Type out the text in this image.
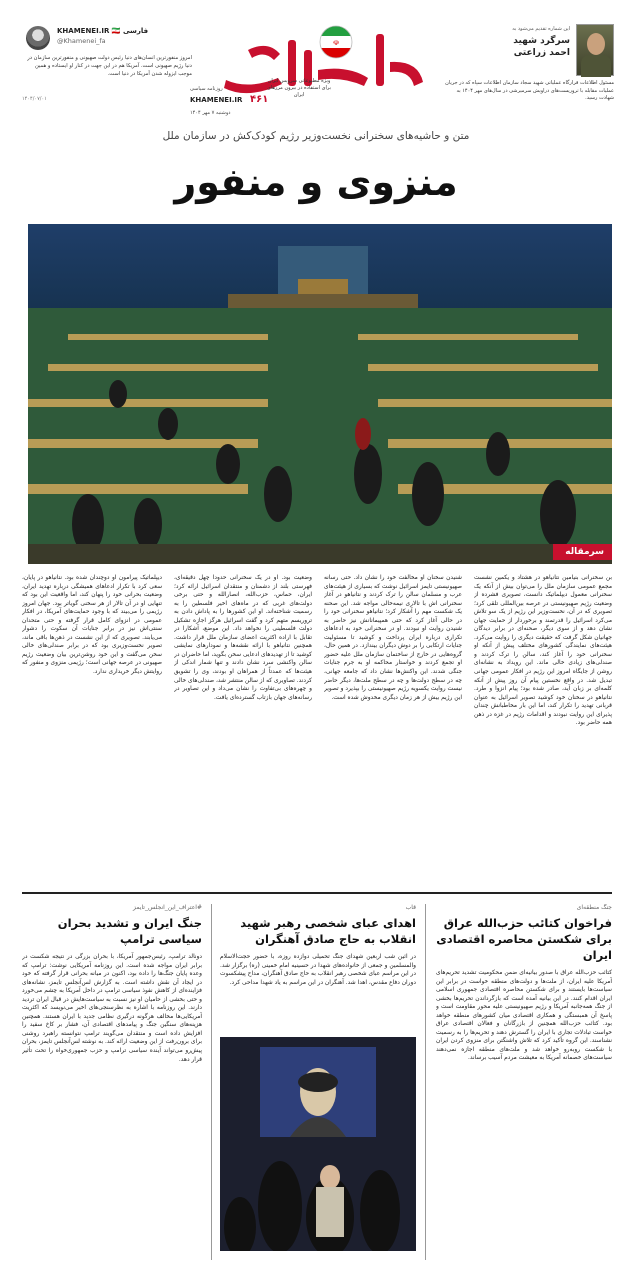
KHAMENEI.IR 🇮🇷 فارسی
@Khamenei_fa
امروز منفورترین انسان‌های دنیا رئیس دولت صهیونی و منفورترین سازمان در دنیا رژیم صهیونی است. آمریکا هم در این جهت در کنار او ایستاده و همین موجب ایزوله شدن آمریکا در دنیا است.
۱۴۰۴/۰۷/۰۱
☫
۴۶۱
KHAMENEI.IR
دوشنبه ۷ مهر ۱۴۰۴
ویژه مطبوعاتی سرویس ایران برای استفاده در بیرون مرزهای ایران
روزنامه سیاسی
این شماره تقدیم می‌شود به
سرگرد شهید
احمد زراعتی
مسئول اطلاعات قرارگاه عملیاتی شهید سجاد سازمان اطلاعات سپاه که در جریان عملیات مقابله با تروریست‌های دراویش سرمیرشی در سال‌های مهر ۱۴۰۴ به شهادت رسید.
متن و حاشیه‌های سخنرانی نخست‌وزیر رژیم کودک‌کش در سازمان ملل
منزوی و منفور
سرمقاله
بن سخنرانی بنیامین نتانیاهو در هشتاد و یکمین نشست مجمع عمومی سازمان ملل را می‌توان بیش از آنکه یک سخنرانی معمول دیپلماتیک دانست، تصویری فشرده از وضعیت رژیم صهیونیستی در عرصه بین‌المللی تلقی کرد؛ تصویری که در آن، نخست‌وزیر این رژیم از یک سو تلاش می‌کرد اسرائیل را قدرتمند و برخوردار از حمایت جهان نشان دهد و از سوی دیگر، صحنه‌ای در برابر دیدگان جهانیان شکل گرفت که حقیقت دیگری را روایت می‌کرد. هیئت‌های نمایندگی کشورهای مختلف پیش از آنکه او سخنرانی خود را آغاز کند، سالن را ترک کردند و صندلی‌های زیادی خالی ماند. این رویداد به نشانه‌ای روشن از جایگاه امروز این رژیم در افکار عمومی جهانی تبدیل شد. در واقع نخستین پیام آن روز پیش از آنکه کلمه‌ای بر زبان آید، صادر شده بود؛ پیام انزوا و طرد. نتانیاهو در سخنان خود کوشید تصویر اسرائیل به عنوان قربانی تهدید را تکرار کند، اما این بار مخاطبانش چندان پذیرای این روایت نبودند و اقدامات رژیم در غزه در ذهن همه حاضر بود.
شنیدن سخنان او مخالفت خود را نشان داد. حتی رسانه صهیونیستی تایمز اسرائیل نوشت که بسیاری از هیئت‌های عرب و مسلمان سالن را ترک کردند و نتانیاهو در آغاز سخنرانی اش با تالاری نیمه‌خالی مواجه شد. این صحنه یک شکست مهم را آشکار کرد؛ نتانیاهو سخنرانی خود را در حالی آغاز کرد که حتی همپیمانانش نیز حاضر به شنیدن روایت او نبودند. او در سخنرانی خود به ادعاهای تکراری درباره ایران پرداخت و کوشید تا مسئولیت جنایات ارتکابی را بر دوش دیگران بیندازد. در همین حال، گروه‌هایی در خارج از ساختمان سازمان ملل علیه حضور او تجمع کردند و خواستار محاکمه او به جرم جنایات جنگی شدند. این واکنش‌ها نشان داد که جامعه جهانی، چه در سطح دولت‌ها و چه در سطح ملت‌ها، دیگر حاضر نیست روایت یکسویه رژیم صهیونیستی را بپذیرد و تصویر این رژیم بیش از هر زمان دیگری مخدوش شده است.
وضعیت بود. او در یک سخنرانی حدوداً چهل دقیقه‌ای، فهرستی بلند از دشمنان و منتقدان اسرائیل ارائه کرد؛ ایران، حماس، حزب‌الله، انصارالله و حتی برخی دولت‌های غربی که در ماه‌های اخیر فلسطین را به رسمیت شناخته‌اند. او این کشورها را به پاداش دادن به تروریسم متهم کرد و گفت اسرائیل هرگز اجازه تشکیل دولت فلسطینی را نخواهد داد. این موضع، آشکارا در تقابل با اراده اکثریت اعضای سازمان ملل قرار داشت. همچنین نتانیاهو با ارائه نقشه‌ها و نمودارهای نمایشی کوشید تا از تهدیدهای ادعایی سخن بگوید، اما حاضران در سالن واکنشی سرد نشان دادند و تنها شمار اندکی از هیئت‌ها که عمدتاً از همراهان او بودند، وی را تشویق کردند. تصاویری که از سالن منتشر شد، صندلی‌های خالی و چهره‌های بی‌تفاوت را نشان می‌داد و این تصاویر در رسانه‌های جهان بازتاب گسترده‌ای یافت.
دیپلماتیک پیرامون او دوچندان شده بود. نتانیاهو در پایان، سعی کرد با تکرار ادعاهای همیشگی درباره تهدید ایران، وضعیت بحرانی خود را پنهان کند، اما واقعیت این بود که تنهایی او در آن تالار از هر سخنی گویاتر بود. جهان امروز رژیمی را می‌بیند که با وجود حمایت‌های آمریکا، در افکار عمومی در انزوای کامل قرار گرفته و حتی متحدان سنتی‌اش نیز در برابر جنایات آن سکوت را دشوار می‌یابند. تصویری که از این نشست در ذهن‌ها باقی ماند، تصویر نخست‌وزیری بود که در برابر صندلی‌های خالی سخن می‌گفت و این خود روشن‌ترین بیان وضعیت رژیم صهیونی در عرصه جهانی است؛ رژیمی منزوی و منفور که روایتش دیگر خریداری ندارد.
جنگ منطقه‌ای
فراخوان کتائب حزب‌الله عراق برای شکستن محاصره اقتصادی ایران
کتائب حزب‌الله عراق با صدور بیانیه‌ای ضمن محکومیت تشدید تحریم‌های آمریکا علیه ایران، از ملت‌ها و دولت‌های منطقه خواست در برابر این سیاست‌ها بایستند و برای شکستن محاصره اقتصادی جمهوری اسلامی ایران اقدام کنند. در این بیانیه آمده است که بازگرداندن تحریم‌ها بخشی از جنگ همه‌جانبه آمریکا و رژیم صهیونیستی علیه محور مقاومت است و پاسخ آن همبستگی و همکاری اقتصادی میان کشورهای منطقه خواهد بود. کتائب حزب‌الله همچنین از بازرگانان و فعالان اقتصادی عراق خواست تبادلات تجاری با ایران را گسترش دهند و تحریم‌ها را به رسمیت نشناسند. این گروه تأکید کرد که تلاش واشنگتن برای منزوی کردن ایران با شکست روبه‌رو خواهد شد و ملت‌های منطقه اجازه نمی‌دهند سیاست‌های خصمانه آمریکا به معیشت مردم آسیب برساند.
قاب
اهدای عبای شخصی رهبر شهید انقلاب به حاج صادق آهنگران
در آئین شب اربعین شهدای جنگ تحمیلی دوازده روزه، با حضور حجت‌الاسلام والمسلمین و جمعی از خانواده‌های شهدا در حسینیه امام خمینی (ره) برگزار شد. در این مراسم عبای شخصی رهبر انقلاب به حاج صادق آهنگران، مداح پیشکسوت دوران دفاع مقدس، اهدا شد. آهنگران در این مراسم به یاد شهدا مداحی کرد.
#اعتراف_این_انجلس_تایمز
جنگ ایران و تشدید بحران سیاسی ترامپ
دونالد ترامپ، رئیس‌جمهور آمریکا، با بحران بزرگی در نتیجه شکست در برابر ایران مواجه شده است. این روزنامه آمریکایی نوشت: ترامپ که وعده پایان جنگ‌ها را داده بود، اکنون در میانه بحرانی قرار گرفته که خود در ایجاد آن نقش داشته است. به گزارش لس‌آنجلس تایمز، نشانه‌های فزاینده‌ای از کاهش نفوذ سیاسی ترامپ در داخل آمریکا به چشم می‌خورد و حتی بخشی از حامیان او نیز نسبت به سیاست‌هایش در قبال ایران تردید دارند. این روزنامه با اشاره به نظرسنجی‌های اخیر می‌نویسد که اکثریت آمریکایی‌ها مخالف هرگونه درگیری نظامی جدید با ایران هستند. همچنین هزینه‌های سنگین جنگ و پیامدهای اقتصادی آن، فشار بر کاخ سفید را افزایش داده است و منتقدان می‌گویند ترامپ نتوانسته راهبرد روشنی برای برون‌رفت از این وضعیت ارائه کند. به نوشته لس‌آنجلس تایمز، بحران پیش‌رو می‌تواند آینده سیاسی ترامپ و حزب جمهوری‌خواه را تحت تأثیر قرار دهد.
